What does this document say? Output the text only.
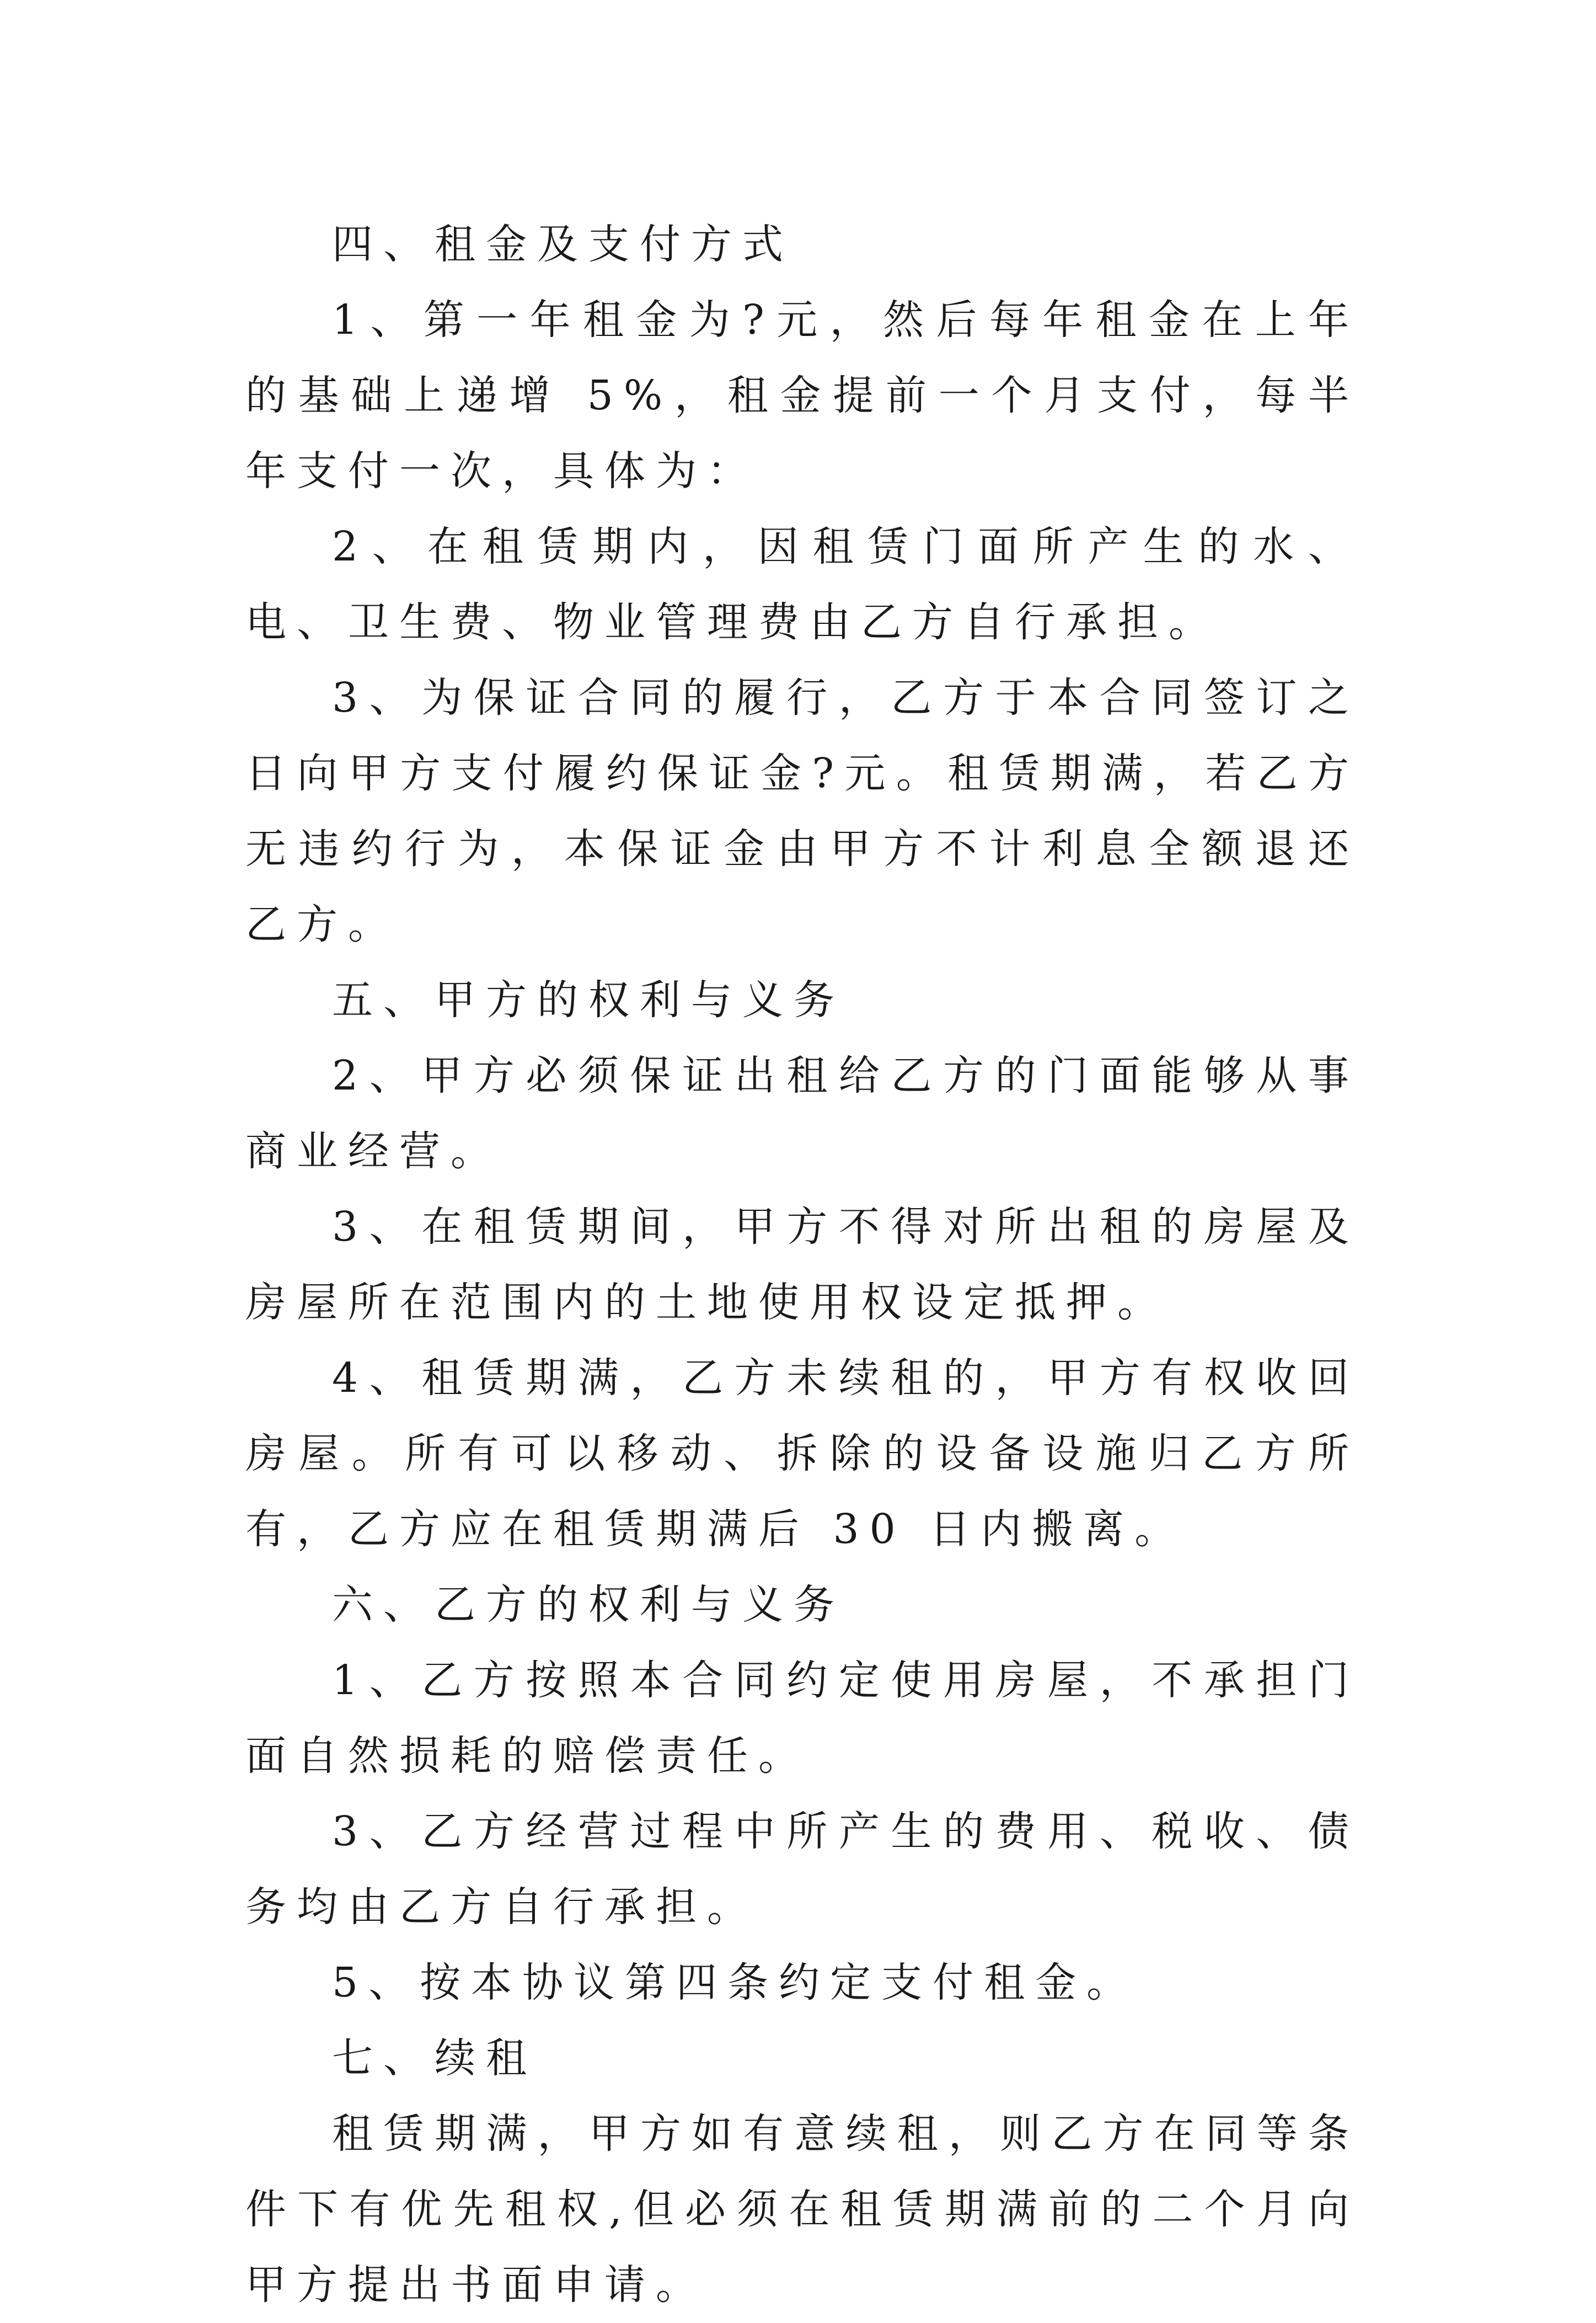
四、租金及支付方式

1、第一年租金为?元，然后每年租金在上年的基础上递增 5%，租金提前一个月支付，每半年支付一次，具体为：

2、在租赁期内，因租赁门面所产生的水、电、卫生费、物业管理费由乙方自行承担。

3、为保证合同的履行，乙方于本合同签订之日向甲方支付履约保证金?元。租赁期满，若乙方无违约行为，本保证金由甲方不计利息全额退还乙方。

五、甲方的权利与义务

2、甲方必须保证出租给乙方的门面能够从事商业经营。

3、在租赁期间，甲方不得对所出租的房屋及房屋所在范围内的土地使用权设定抵押。

4、租赁期满，乙方未续租的，甲方有权收回房屋。所有可以移动、拆除的设备设施归乙方所有，乙方应在租赁期满后 30 日内搬离。

六、乙方的权利与义务

1、乙方按照本合同约定使用房屋，不承担门面自然损耗的赔偿责任。

3、乙方经营过程中所产生的费用、税收、债务均由乙方自行承担。

5、按本协议第四条约定支付租金。

七、续租

租赁期满，甲方如有意续租，则乙方在同等条件下有优先租权,但必须在租赁期满前的二个月向甲方提出书面申请。
